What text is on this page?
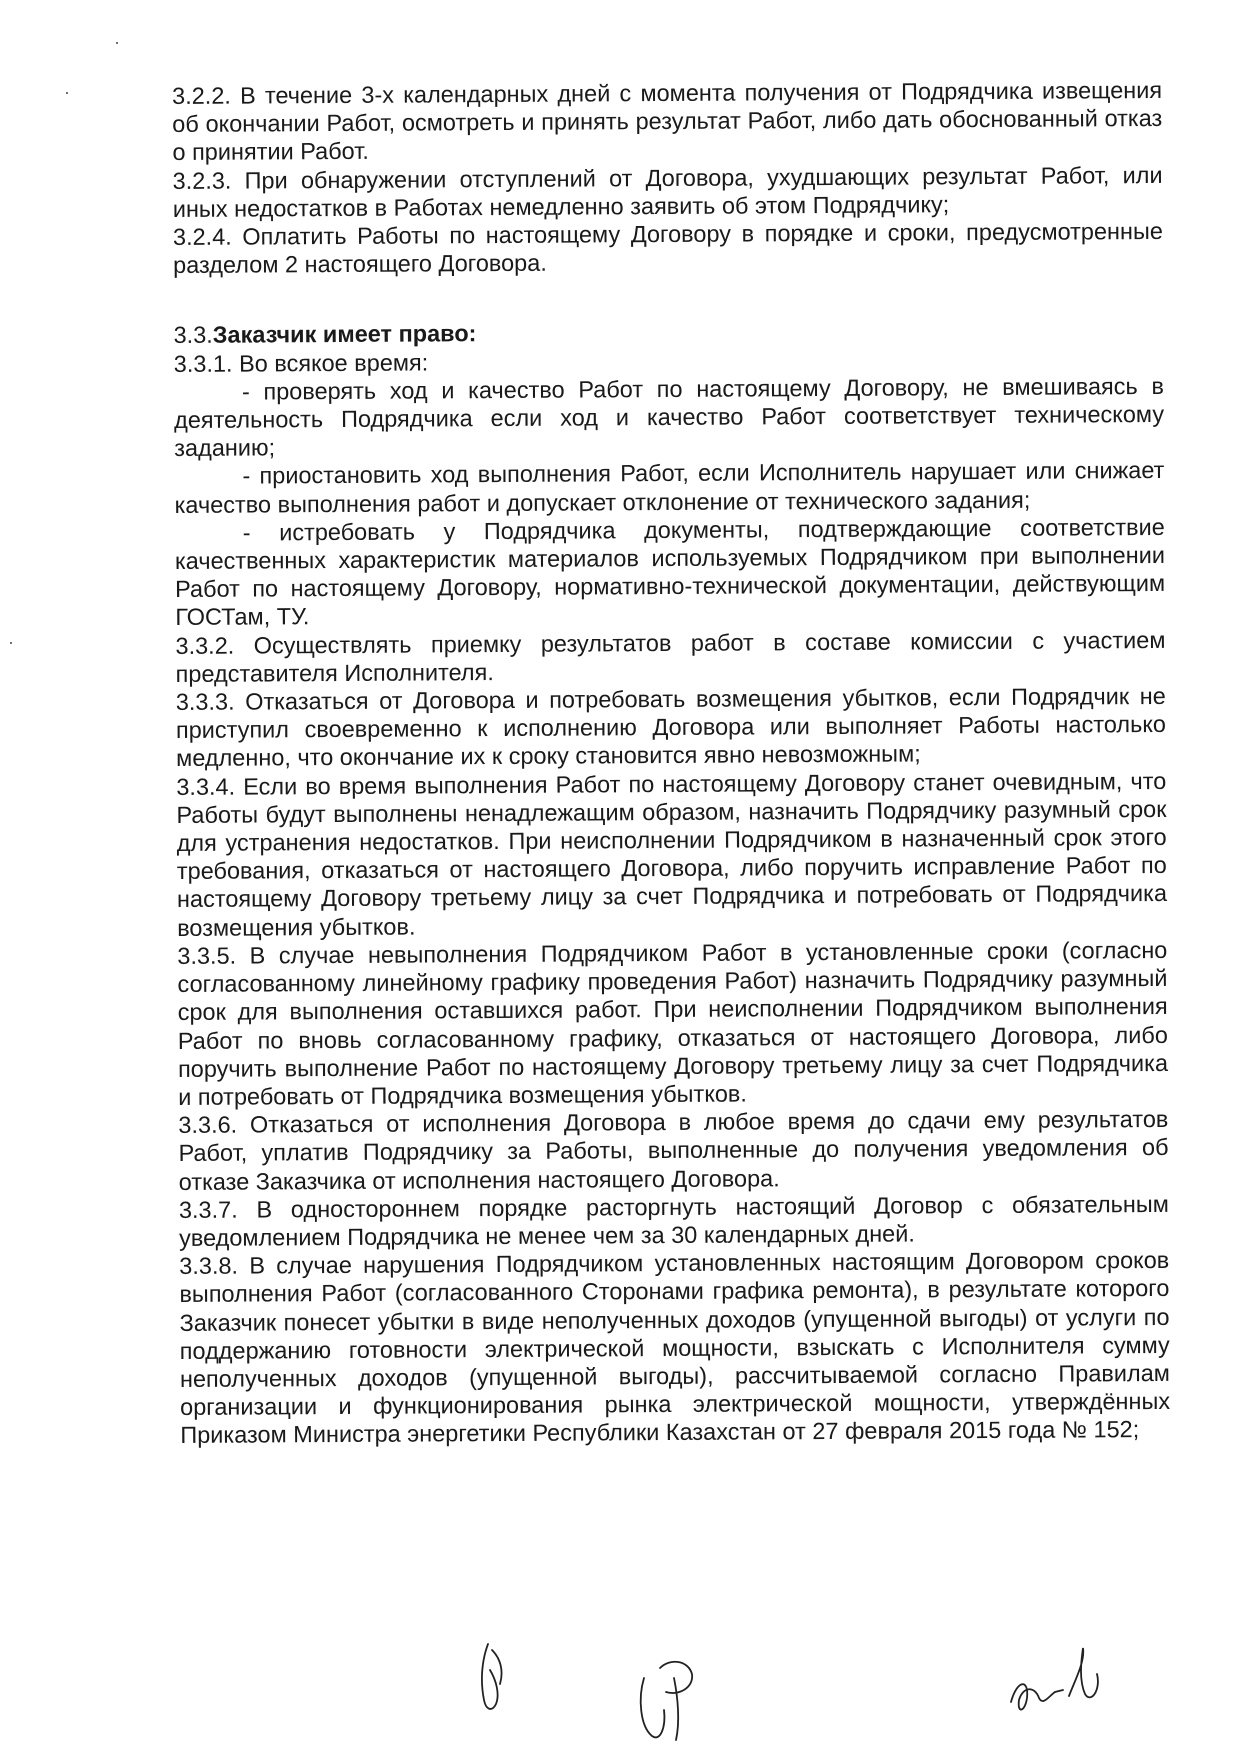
3.2.2. В течение 3-х календарных дней с момента получения от Подрядчика извещения об окончании Работ, осмотреть и принять результат Работ, либо дать обоснованный отказ о принятии Работ.

3.2.3. При обнаружении отступлений от Договора, ухудшающих результат Работ, или иных недостатков в Работах немедленно заявить об этом Подрядчику;

3.2.4. Оплатить Работы по настоящему Договору в порядке и сроки, предусмотренные разделом 2 настоящего Договора.

3.3.Заказчик имеет право:

3.3.1. Во всякое время:

- проверять ход и качество Работ по настоящему Договору, не вмешиваясь в деятельность Подрядчика если ход и качество Работ соответствует техническому заданию;

- приостановить ход выполнения Работ, если Исполнитель нарушает или снижает качество выполнения работ и допускает отклонение от технического задания;

- истребовать у Подрядчика документы, подтверждающие соответствие качественных характеристик материалов используемых Подрядчиком при выполнении Работ по настоящему Договору, нормативно-технической документации, действующим ГОСТам, ТУ.

3.3.2. Осуществлять приемку результатов работ в составе комиссии с участием представителя Исполнителя.

3.3.3. Отказаться от Договора и потребовать возмещения убытков, если Подрядчик не приступил своевременно к исполнению Договора или выполняет Работы настолько медленно, что окончание их к сроку становится явно невозможным;

3.3.4. Если во время выполнения Работ по настоящему Договору станет очевидным, что Работы будут выполнены ненадлежащим образом, назначить Подрядчику разумный срок для устранения недостатков. При неисполнении Подрядчиком в назначенный срок этого требования, отказаться от настоящего Договора, либо поручить исправление Работ по настоящему Договору третьему лицу за счет Подрядчика и потребовать от Подрядчика возмещения убытков.

3.3.5. В случае невыполнения Подрядчиком Работ в установленные сроки (согласно согласованному линейному графику проведения Работ) назначить Подрядчику разумный срок для выполнения оставшихся работ. При неисполнении Подрядчиком выполнения Работ по вновь согласованному графику, отказаться от настоящего Договора, либо поручить выполнение Работ по настоящему Договору третьему лицу за счет Подрядчика и потребовать от Подрядчика возмещения убытков.

3.3.6. Отказаться от исполнения Договора в любое время до сдачи ему результатов Работ, уплатив Подрядчику за Работы, выполненные до получения уведомления об отказе Заказчика от исполнения настоящего Договора.

3.3.7. В одностороннем порядке расторгнуть настоящий Договор с обязательным уведомлением Подрядчика не менее чем за 30 календарных дней.

3.3.8. В случае нарушения Подрядчиком установленных настоящим Договором сроков выполнения Работ (согласованного Сторонами графика ремонта), в результате которого Заказчик понесет убытки в виде неполученных доходов (упущенной выгоды) от услуги по поддержанию готовности электрической мощности, взыскать с Исполнителя сумму неполученных доходов (упущенной выгоды), рассчитываемой согласно Правилам организации и функционирования рынка электрической мощности, утверждённых Приказом Министра энергетики Республики Казахстан от 27 февраля 2015 года № 152;
